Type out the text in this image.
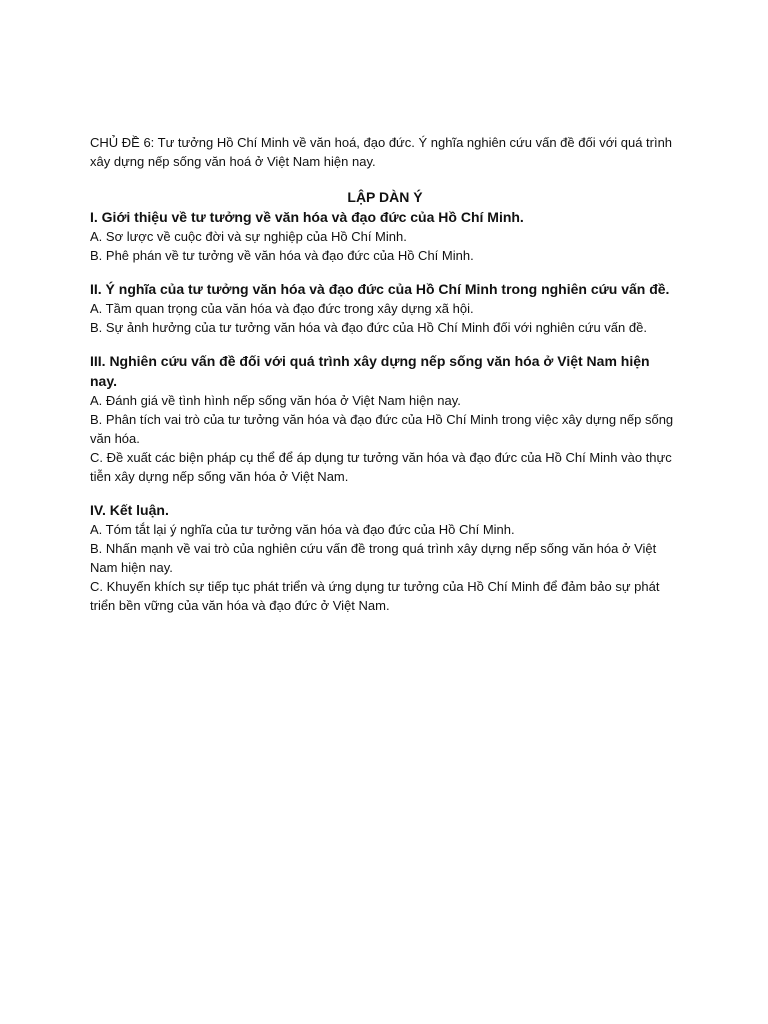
CHỦ ĐỀ 6: Tư tưởng Hồ Chí Minh về văn hoá, đạo đức. Ý nghĩa nghiên cứu vấn đề đối với quá trình xây dựng nếp sống văn hoá ở Việt Nam hiện nay.

LẬP DÀN Ý

I. Giới thiệu về tư tưởng về văn hóa và đạo đức của Hồ Chí Minh.

A. Sơ lược về cuộc đời và sự nghiệp của Hồ Chí Minh.

B. Phê phán về tư tưởng về văn hóa và đạo đức của Hồ Chí Minh.

II. Ý nghĩa của tư tưởng văn hóa và đạo đức của Hồ Chí Minh trong nghiên cứu vấn đề.

A. Tầm quan trọng của văn hóa và đạo đức trong xây dựng xã hội.

B. Sự ảnh hưởng của tư tưởng văn hóa và đạo đức của Hồ Chí Minh đối với nghiên cứu vấn đề.

III. Nghiên cứu vấn đề đối với quá trình xây dựng nếp sống văn hóa ở Việt Nam hiện nay.

A. Đánh giá về tình hình nếp sống văn hóa ở Việt Nam hiện nay.

B. Phân tích vai trò của tư tưởng văn hóa và đạo đức của Hồ Chí Minh trong việc xây dựng nếp sống văn hóa.

C. Đề xuất các biện pháp cụ thể để áp dụng tư tưởng văn hóa và đạo đức của Hồ Chí Minh vào thực tiễn xây dựng nếp sống văn hóa ở Việt Nam.

IV. Kết luận.

A. Tóm tắt lại ý nghĩa của tư tưởng văn hóa và đạo đức của Hồ Chí Minh.

B. Nhấn mạnh về vai trò của nghiên cứu vấn đề trong quá trình xây dựng nếp sống văn hóa ở Việt Nam hiện nay.

C. Khuyến khích sự tiếp tục phát triển và ứng dụng tư tưởng của Hồ Chí Minh để đảm bảo sự phát triển bền vững của văn hóa và đạo đức ở Việt Nam.
